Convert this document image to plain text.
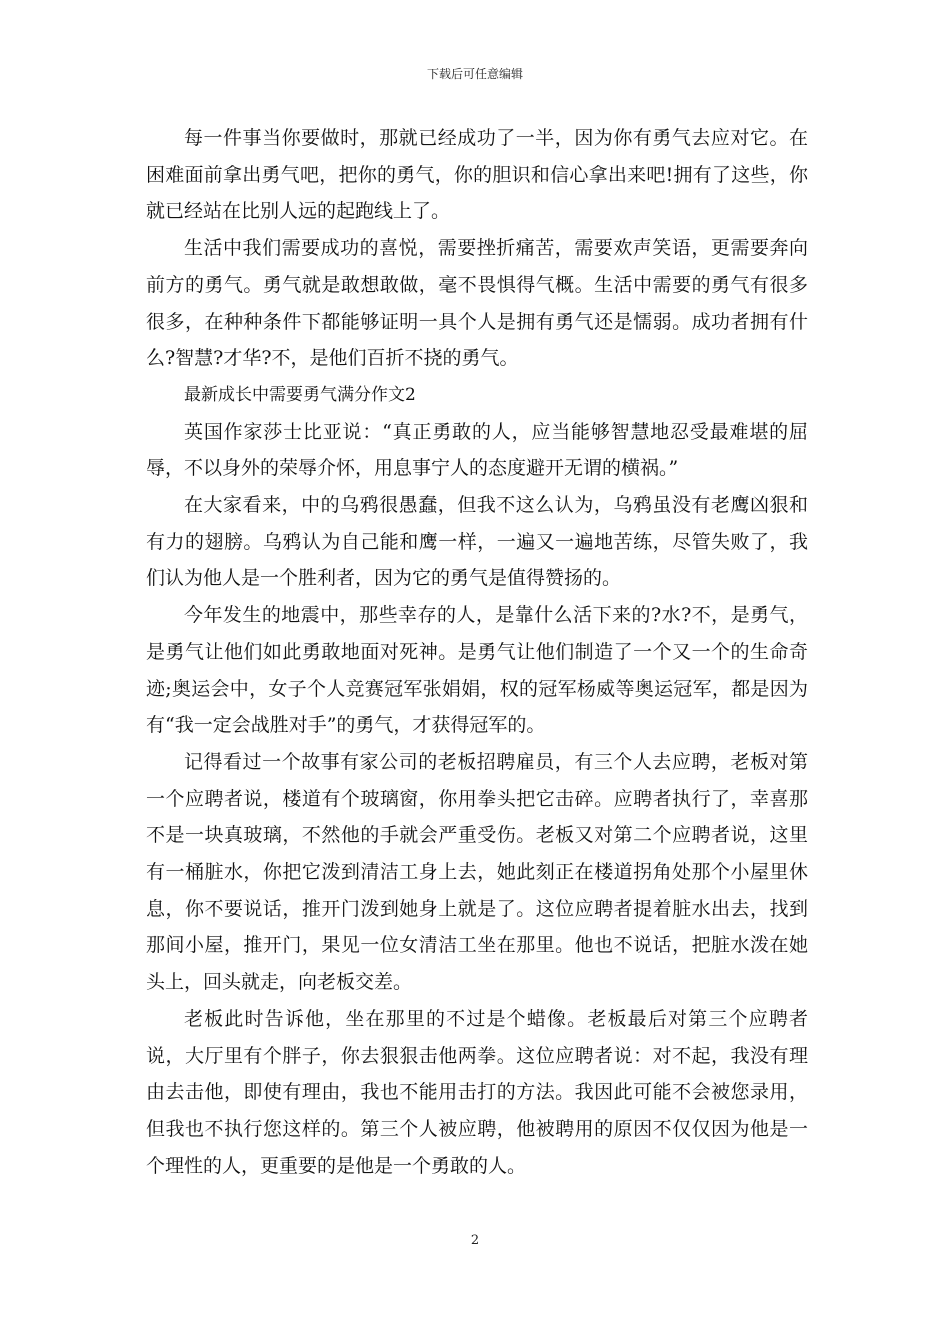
下载后可任意编辑

每一件事当你要做时，那就已经成功了一半，因为你有勇气去应对它。在困难面前拿出勇气吧，把你的勇气，你的胆识和信心拿出来吧!拥有了这些，你就已经站在比别人远的起跑线上了。

生活中我们需要成功的喜悦，需要挫折痛苦，需要欢声笑语，更需要奔向前方的勇气。勇气就是敢想敢做，毫不畏惧得气概。生活中需要的勇气有很多很多，在种种条件下都能够证明一具个人是拥有勇气还是懦弱。成功者拥有什么?智慧?才华?不，是他们百折不挠的勇气。

最新成长中需要勇气满分作文2

英国作家莎士比亚说：“真正勇敢的人，应当能够智慧地忍受最难堪的屈辱，不以身外的荣辱介怀，用息事宁人的态度避开无谓的横祸。”

在大家看来，中的乌鸦很愚蠢，但我不这么认为，乌鸦虽没有老鹰凶狠和有力的翅膀。乌鸦认为自己能和鹰一样，一遍又一遍地苦练，尽管失败了，我们认为他人是一个胜利者，因为它的勇气是值得赞扬的。

今年发生的地震中，那些幸存的人，是靠什么活下来的?水?不，是勇气，是勇气让他们如此勇敢地面对死神。是勇气让他们制造了一个又一个的生命奇迹;奥运会中，女子个人竞赛冠军张娟娟，权的冠军杨威等奥运冠军，都是因为有“我一定会战胜对手”的勇气，才获得冠军的。

记得看过一个故事有家公司的老板招聘雇员，有三个人去应聘，老板对第一个应聘者说，楼道有个玻璃窗，你用拳头把它击碎。应聘者执行了，幸喜那不是一块真玻璃，不然他的手就会严重受伤。老板又对第二个应聘者说，这里有一桶脏水，你把它泼到清洁工身上去，她此刻正在楼道拐角处那个小屋里休息，你不要说话，推开门泼到她身上就是了。这位应聘者提着脏水出去，找到那间小屋，推开门，果见一位女清洁工坐在那里。他也不说话，把脏水泼在她头上，回头就走，向老板交差。

老板此时告诉他，坐在那里的不过是个蜡像。老板最后对第三个应聘者说，大厅里有个胖子，你去狠狠击他两拳。这位应聘者说：对不起，我没有理由去击他，即使有理由，我也不能用击打的方法。我因此可能不会被您录用，但我也不执行您这样的。第三个人被应聘，他被聘用的原因不仅仅因为他是一个理性的人，更重要的是他是一个勇敢的人。

2
